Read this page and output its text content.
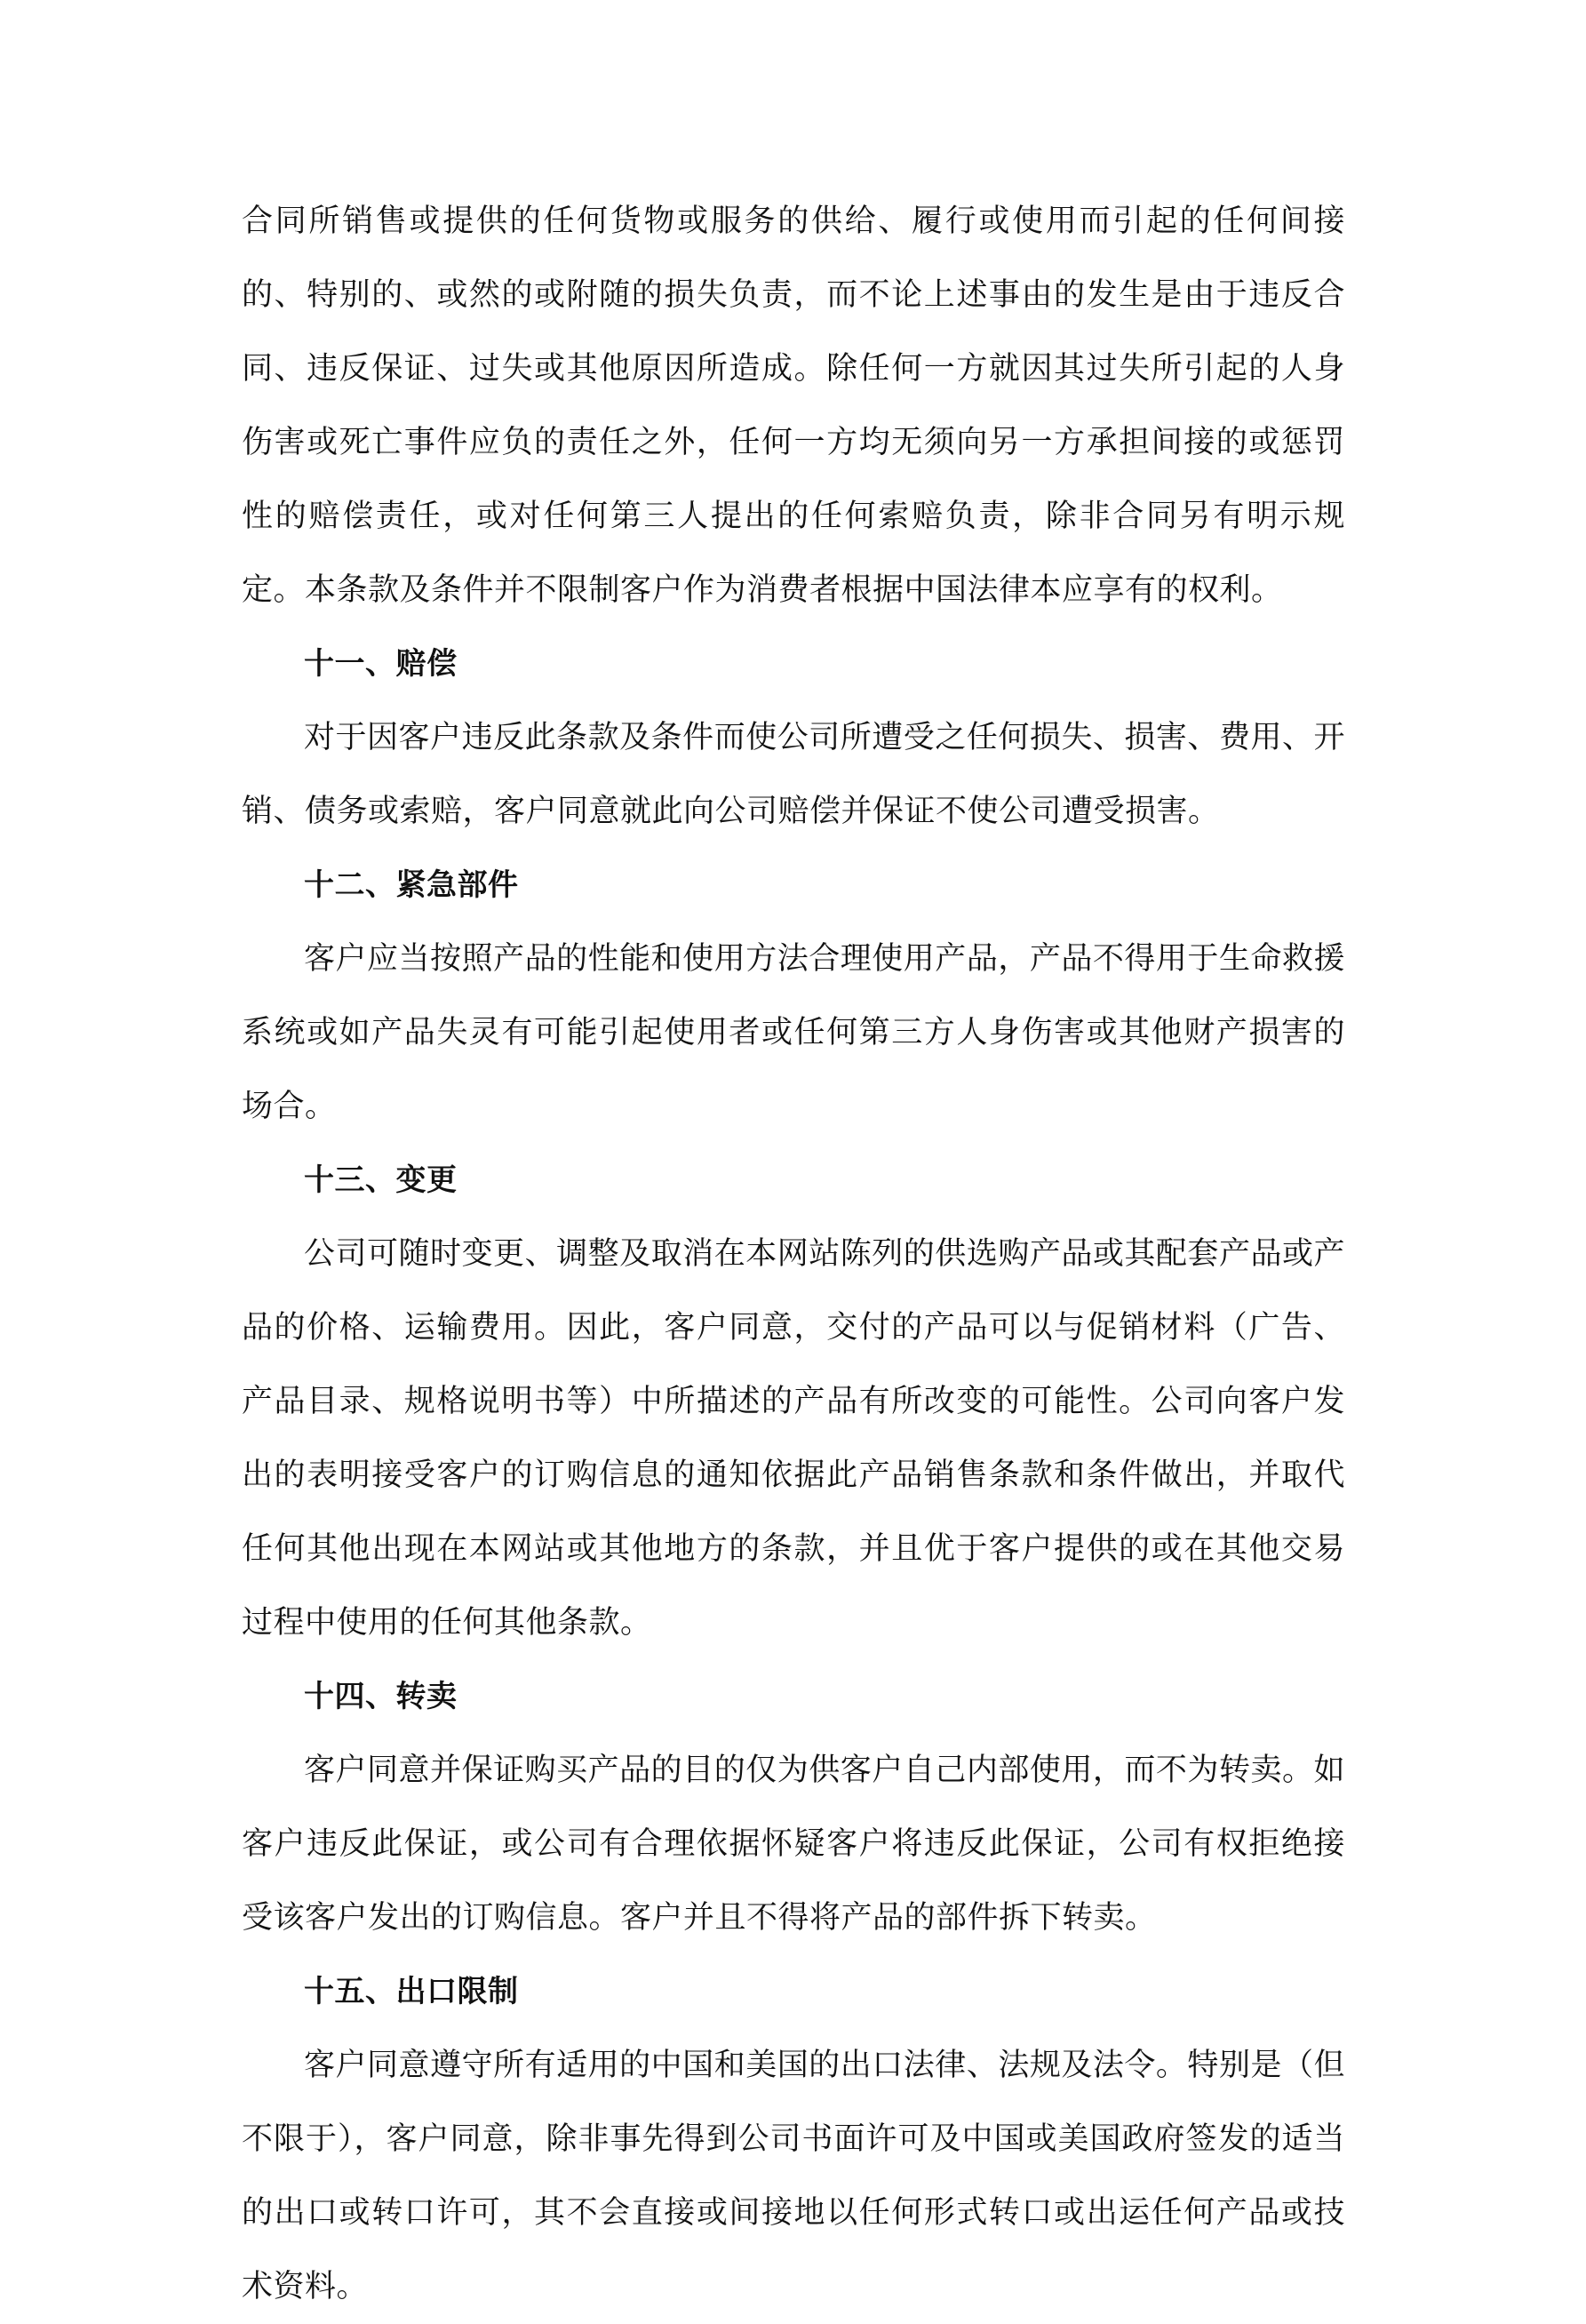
合同所销售或提供的任何货物或服务的供给、履行或使用而引起的任何间接的、特别的、或然的或附随的损失负责，而不论上述事由的发生是由于违反合同、违反保证、过失或其他原因所造成。除任何一方就因其过失所引起的人身伤害或死亡事件应负的责任之外，任何一方均无须向另一方承担间接的或惩罚性的赔偿责任，或对任何第三人提出的任何索赔负责，除非合同另有明示规定。本条款及条件并不限制客户作为消费者根据中国法律本应享有的权利。

十一、赔偿

对于因客户违反此条款及条件而使公司所遭受之任何损失、损害、费用、开销、债务或索赔，客户同意就此向公司赔偿并保证不使公司遭受损害。

十二、紧急部件

客户应当按照产品的性能和使用方法合理使用产品，产品不得用于生命救援系统或如产品失灵有可能引起使用者或任何第三方人身伤害或其他财产损害的场合。

十三、变更

公司可随时变更、调整及取消在本网站陈列的供选购产品或其配套产品或产品的价格、运输费用。因此，客户同意，交付的产品可以与促销材料（广告、产品目录、规格说明书等）中所描述的产品有所改变的可能性。公司向客户发出的表明接受客户的订购信息的通知依据此产品销售条款和条件做出，并取代任何其他出现在本网站或其他地方的条款，并且优于客户提供的或在其他交易过程中使用的任何其他条款。

十四、转卖

客户同意并保证购买产品的目的仅为供客户自己内部使用，而不为转卖。如客户违反此保证，或公司有合理依据怀疑客户将违反此保证，公司有权拒绝接受该客户发出的订购信息。客户并且不得将产品的部件拆下转卖。

十五、出口限制

客户同意遵守所有适用的中国和美国的出口法律、法规及法令。特别是（但不限于），客户同意，除非事先得到公司书面许可及中国或美国政府签发的适当的出口或转口许可，其不会直接或间接地以任何形式转口或出运任何产品或技术资料。
